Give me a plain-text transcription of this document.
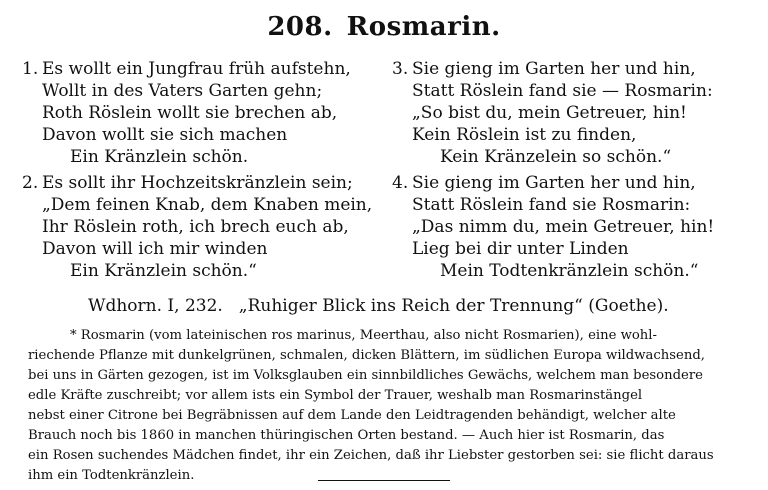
208. Rosmarin.
1. Es wollt ein Jungfrau früh aufstehn,
Wollt in des Vaters Garten gehn;
Roth Röslein wollt sie brechen ab,
Davon wollt sie sich machen
Ein Kränzlein schön.
2. Es sollt ihr Hochzeitskränzlein sein;
„Dem feinen Knab, dem Knaben mein,
Ihr Röslein roth, ich brech euch ab,
Davon will ich mir winden
Ein Kränzlein schön.“
3. Sie gieng im Garten her und hin,
Statt Röslein fand sie — Rosmarin:
„So bist du, mein Getreuer, hin!
Kein Röslein ist zu finden,
Kein Kränzelein so schön.“
4. Sie gieng im Garten her und hin,
Statt Röslein fand sie Rosmarin:
„Das nimm du, mein Getreuer, hin!
Lieg bei dir unter Linden
Mein Todtenkränzlein schön.“
Wdhorn. I, 232. „Ruhiger Blick ins Reich der Trennung“ (Goethe).
* Rosmarin (vom lateinischen ros marinus, Meerthau, also nicht Rosmarien), eine wohl-
riechende Pflanze mit dunkelgrünen, schmalen, dicken Blättern, im südlichen Europa wildwachsend,
bei uns in Gärten gezogen, ist im Volksglauben ein sinnbildliches Gewächs, welchem man besondere
edle Kräfte zuschreibt; vor allem ists ein Symbol der Trauer, weshalb man Rosmarinstängel
nebst einer Citrone bei Begräbnissen auf dem Lande den Leidtragenden behändigt, welcher alte
Brauch noch bis 1860 in manchen thüringischen Orten bestand. — Auch hier ist Rosmarin, das
ein Rosen suchendes Mädchen findet, ihr ein Zeichen, daß ihr Liebster gestorben sei: sie flicht daraus
ihm ein Todtenkränzlein.
